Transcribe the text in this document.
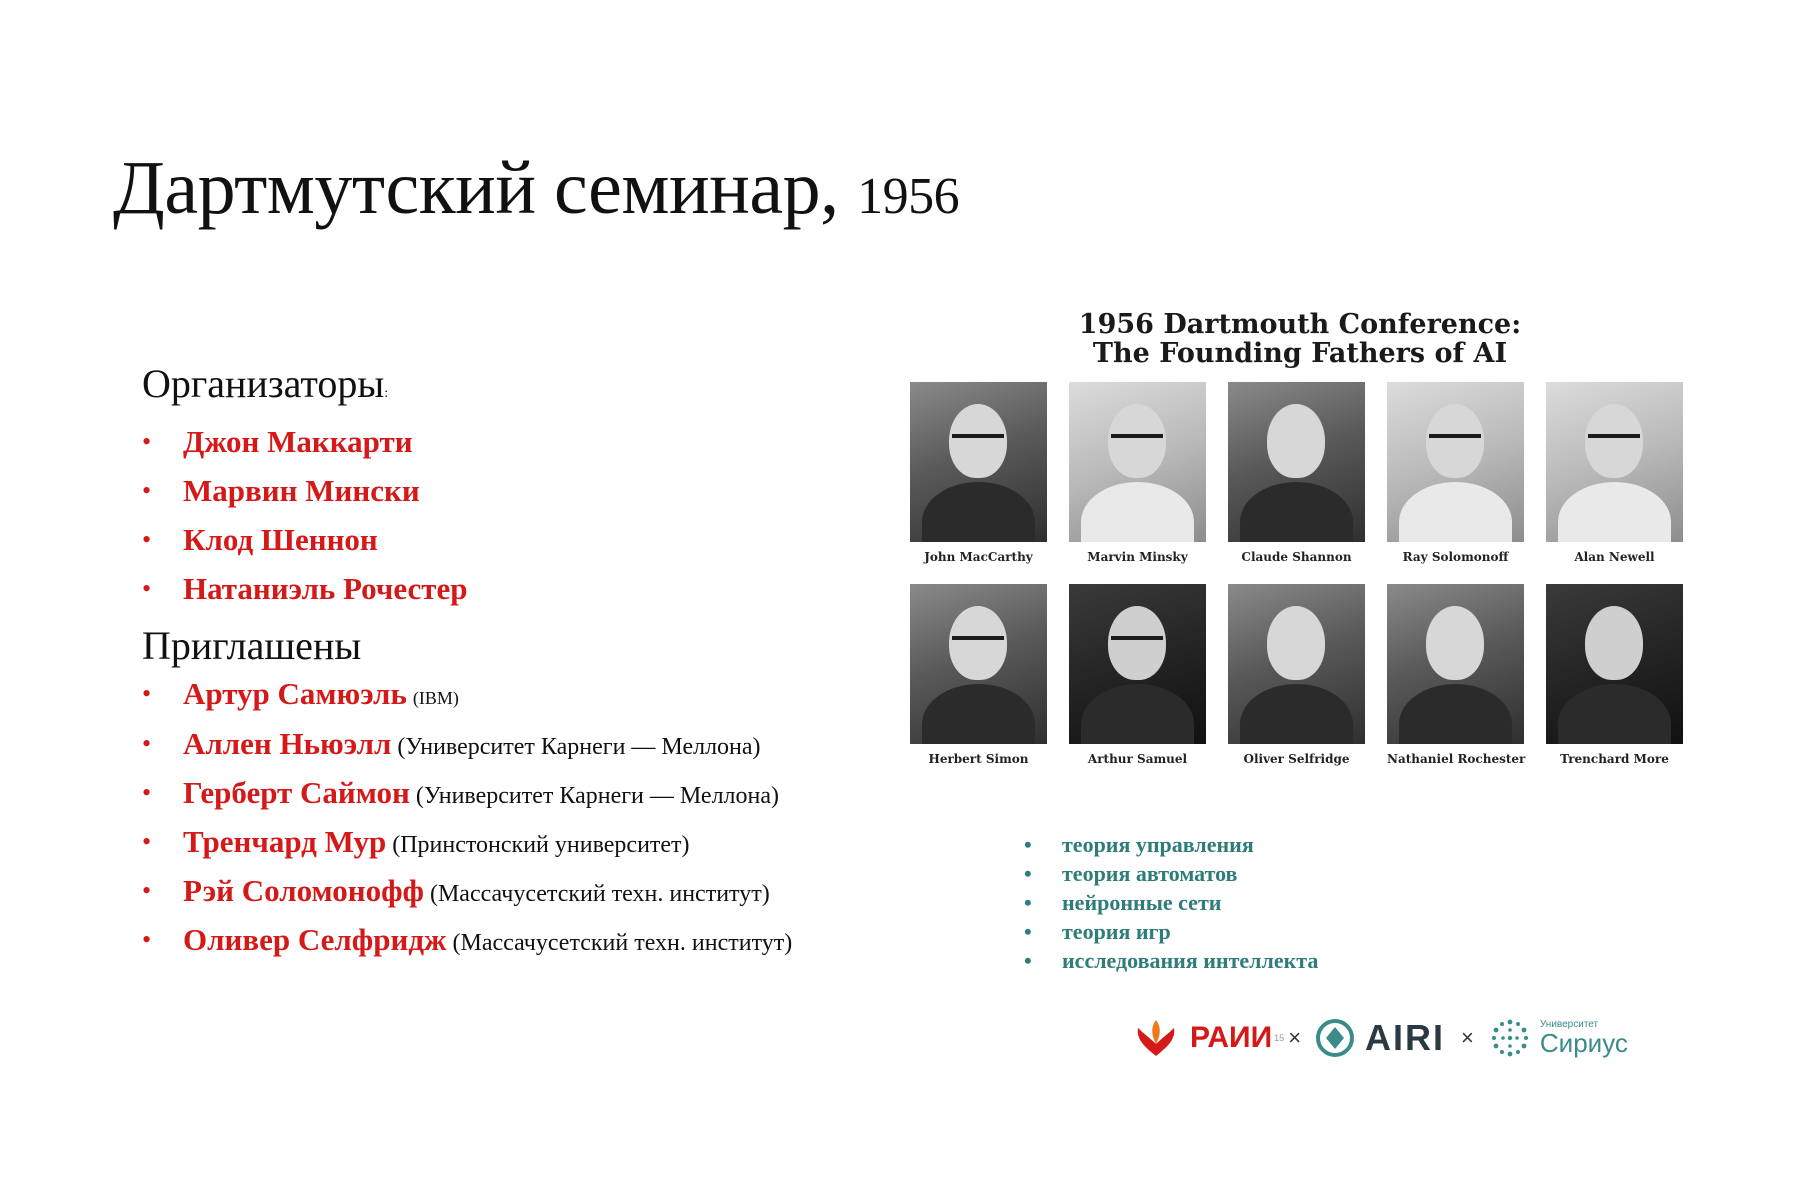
Дартмутский семинар, 1956
Организаторы:
• Джон Маккарти
• Марвин Мински
• Клод Шеннон
• Натаниэль Рочестер
Приглашены
• Артур Самюэль (IBM)
• Аллен Ньюэлл (Университет Карнеги — Меллона)
• Герберт Саймон (Университет Карнеги — Меллона)
• Тренчард Мур (Принстонский университет)
• Рэй Соломонофф (Массачусетский техн. институт)
• Оливер Селфридж (Массачусетский техн. институт)
1956 Dartmouth Conference:
The Founding Fathers of AI
John MacCarthy	Marvin Minsky	Claude Shannon	Ray Solomonoff	Alan Newell
Herbert Simon	Arthur Samuel	Oliver Selfridge	Nathaniel Rochester	Trenchard More
• теория управления
• теория автоматов
• нейронные сети
• теория игр
• исследования интеллекта
РАИИ 15 × AIRI ×
Университет
Сириус
